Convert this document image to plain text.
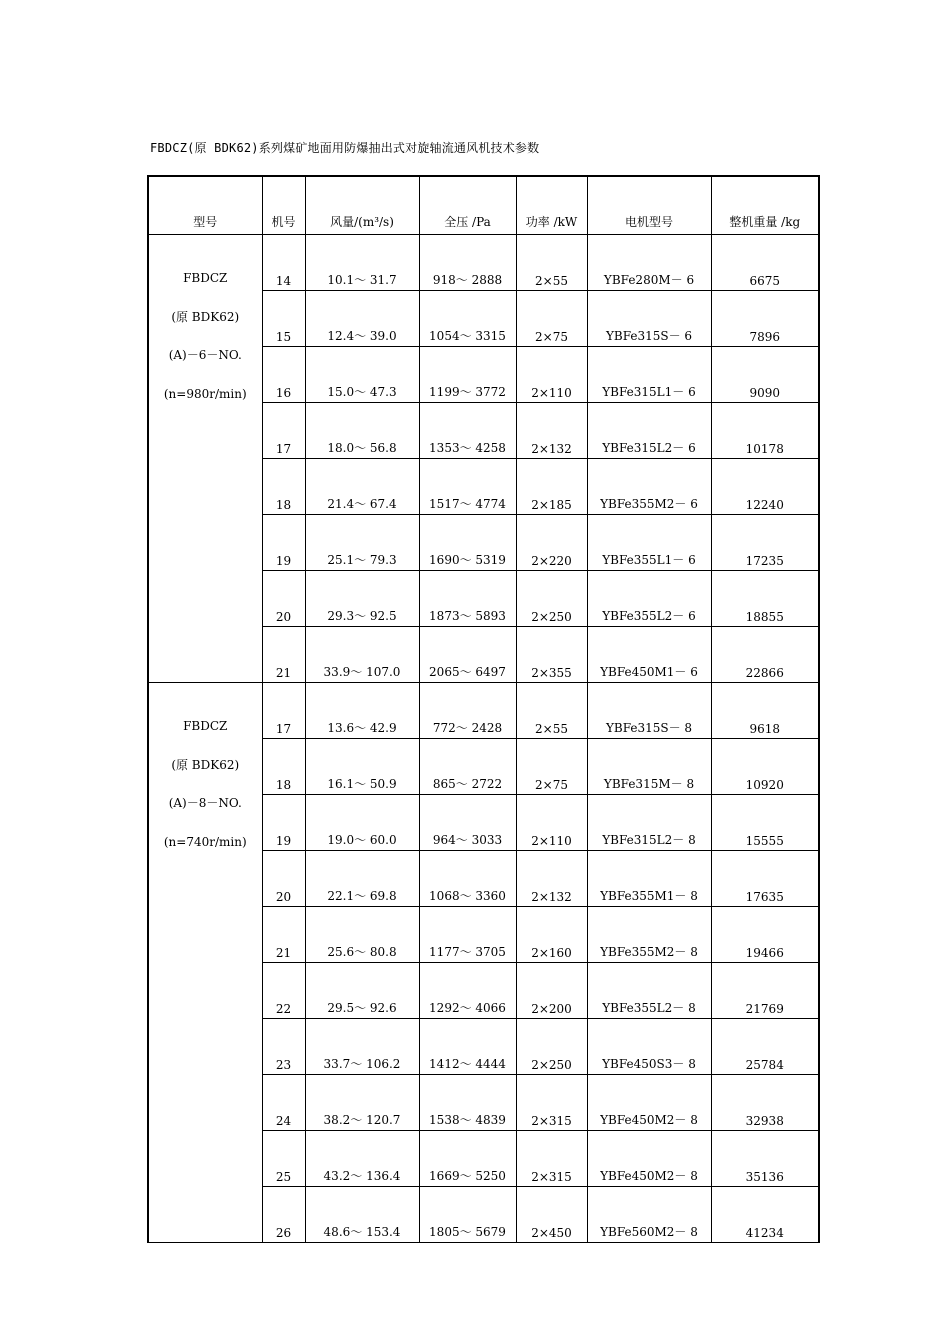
FBDCZ(原 BDK62)系列煤矿地面用防爆抽出式对旋轴流通风机技术参数
型号	机号	风量/(m³/s)	全压 /Pa	功率 /kW	电机型号	整机重量 /kg

FBDCZ
(原 BDK62)
(A)－6－NO.
(n=980r/min)	14	10.1～ 31.7	918～ 2888	2×55	YBFe280M－ 6	6675
	15	12.4～ 39.0	1054～ 3315	2×75	YBFe315S－ 6	7896
	16	15.0～ 47.3	1199～ 3772	2×110	YBFe315L1－ 6	9090
	17	18.0～ 56.8	1353～ 4258	2×132	YBFe315L2－ 6	10178
	18	21.4～ 67.4	1517～ 4774	2×185	YBFe355M2－ 6	12240
	19	25.1～ 79.3	1690～ 5319	2×220	YBFe355L1－ 6	17235
	20	29.3～ 92.5	1873～ 5893	2×250	YBFe355L2－ 6	18855
	21	33.9～ 107.0	2065～ 6497	2×355	YBFe450M1－ 6	22866

FBDCZ
(原 BDK62)
(A)－8－NO.
(n=740r/min)	17	13.6～ 42.9	772～ 2428	2×55	YBFe315S－ 8	9618
	18	16.1～ 50.9	865～ 2722	2×75	YBFe315M－ 8	10920
	19	19.0～ 60.0	964～ 3033	2×110	YBFe315L2－ 8	15555
	20	22.1～ 69.8	1068～ 3360	2×132	YBFe355M1－ 8	17635
	21	25.6～ 80.8	1177～ 3705	2×160	YBFe355M2－ 8	19466
	22	29.5～ 92.6	1292～ 4066	2×200	YBFe355L2－ 8	21769
	23	33.7～ 106.2	1412～ 4444	2×250	YBFe450S3－ 8	25784
	24	38.2～ 120.7	1538～ 4839	2×315	YBFe450M2－ 8	32938
	25	43.2～ 136.4	1669～ 5250	2×315	YBFe450M2－ 8	35136
	26	48.6～ 153.4	1805～ 5679	2×450	YBFe560M2－ 8	41234
